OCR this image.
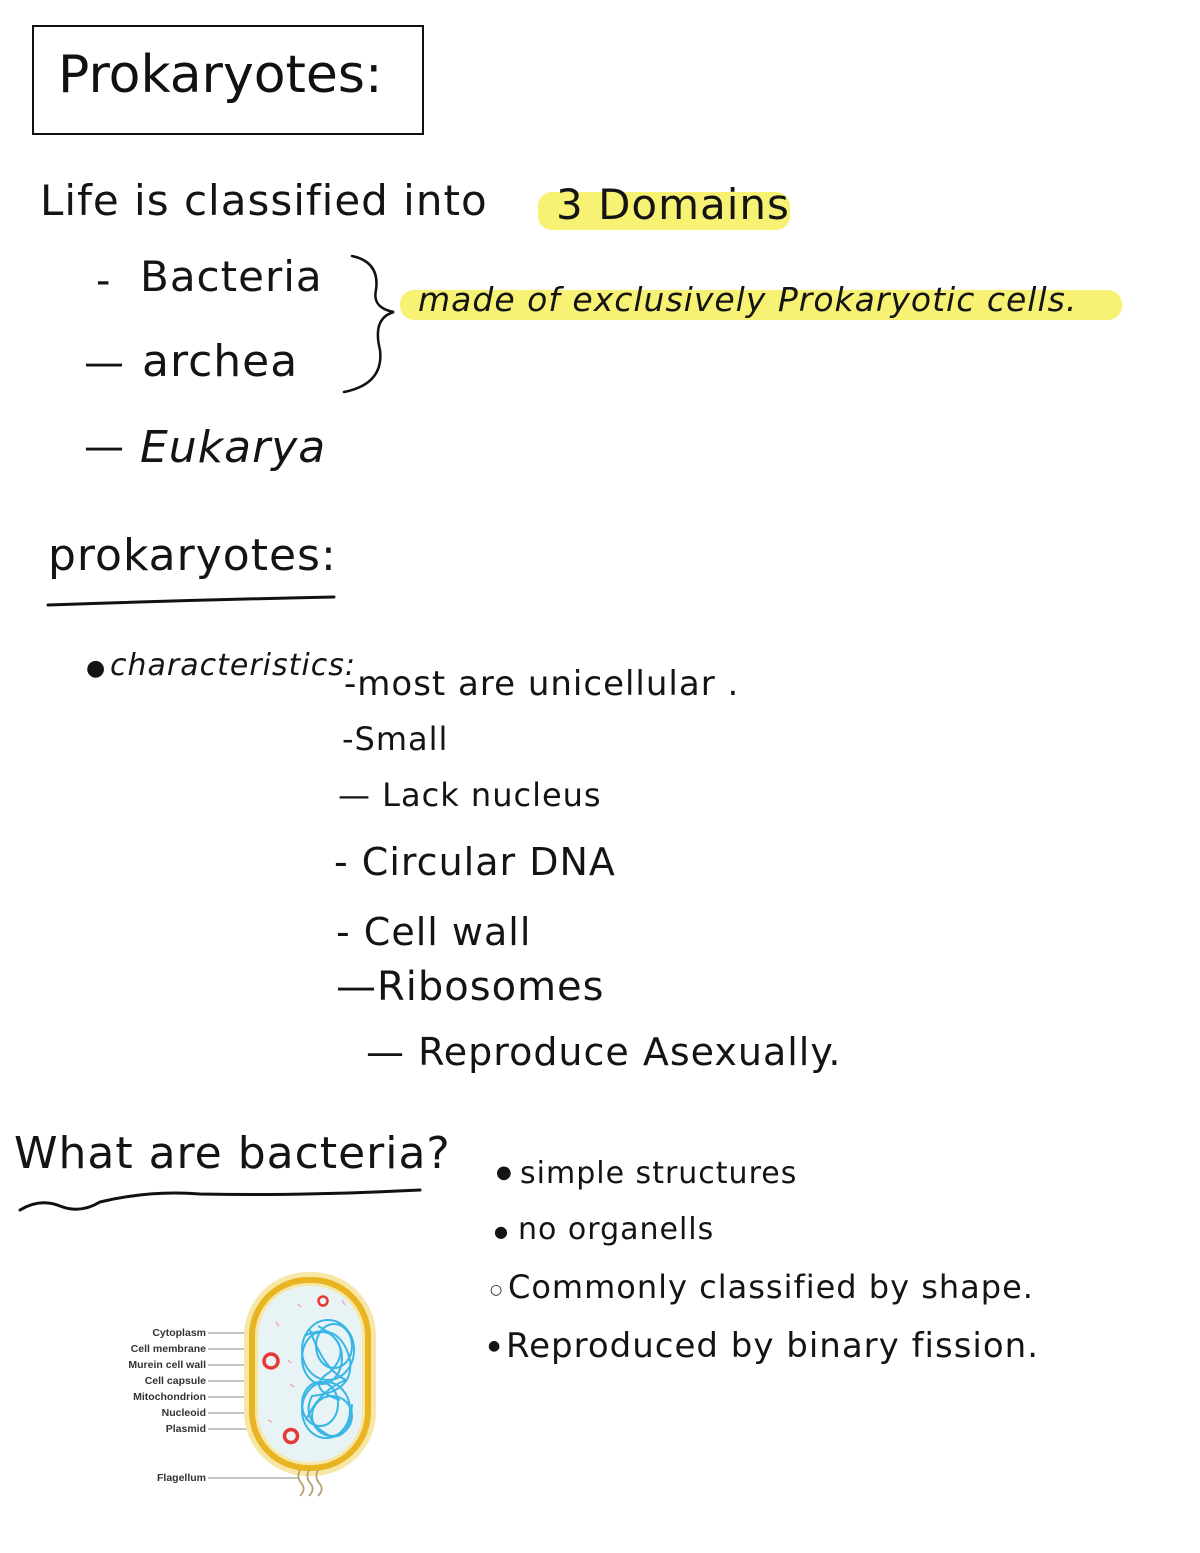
Prokaryotes:
Life is classified into 3 Domains
- Bacteria
— archea
— Eukarya
made of exclusively Prokaryotic cells.
prokaryotes:
● characteristics:
-most are unicellular .
-Small
— Lack nucleus
- Circular DNA
- Cell wall
—Ribosomes
— Reproduce Asexually.
What are bacteria?	● simple structures
● no organells
○ Commonly classified by shape.
● Reproduced by binary fission.
Cytoplasm
Cell membrane
Murein cell wall
Cell capsule
Mitochondrion
Nucleoid
Plasmid
Flagellum
